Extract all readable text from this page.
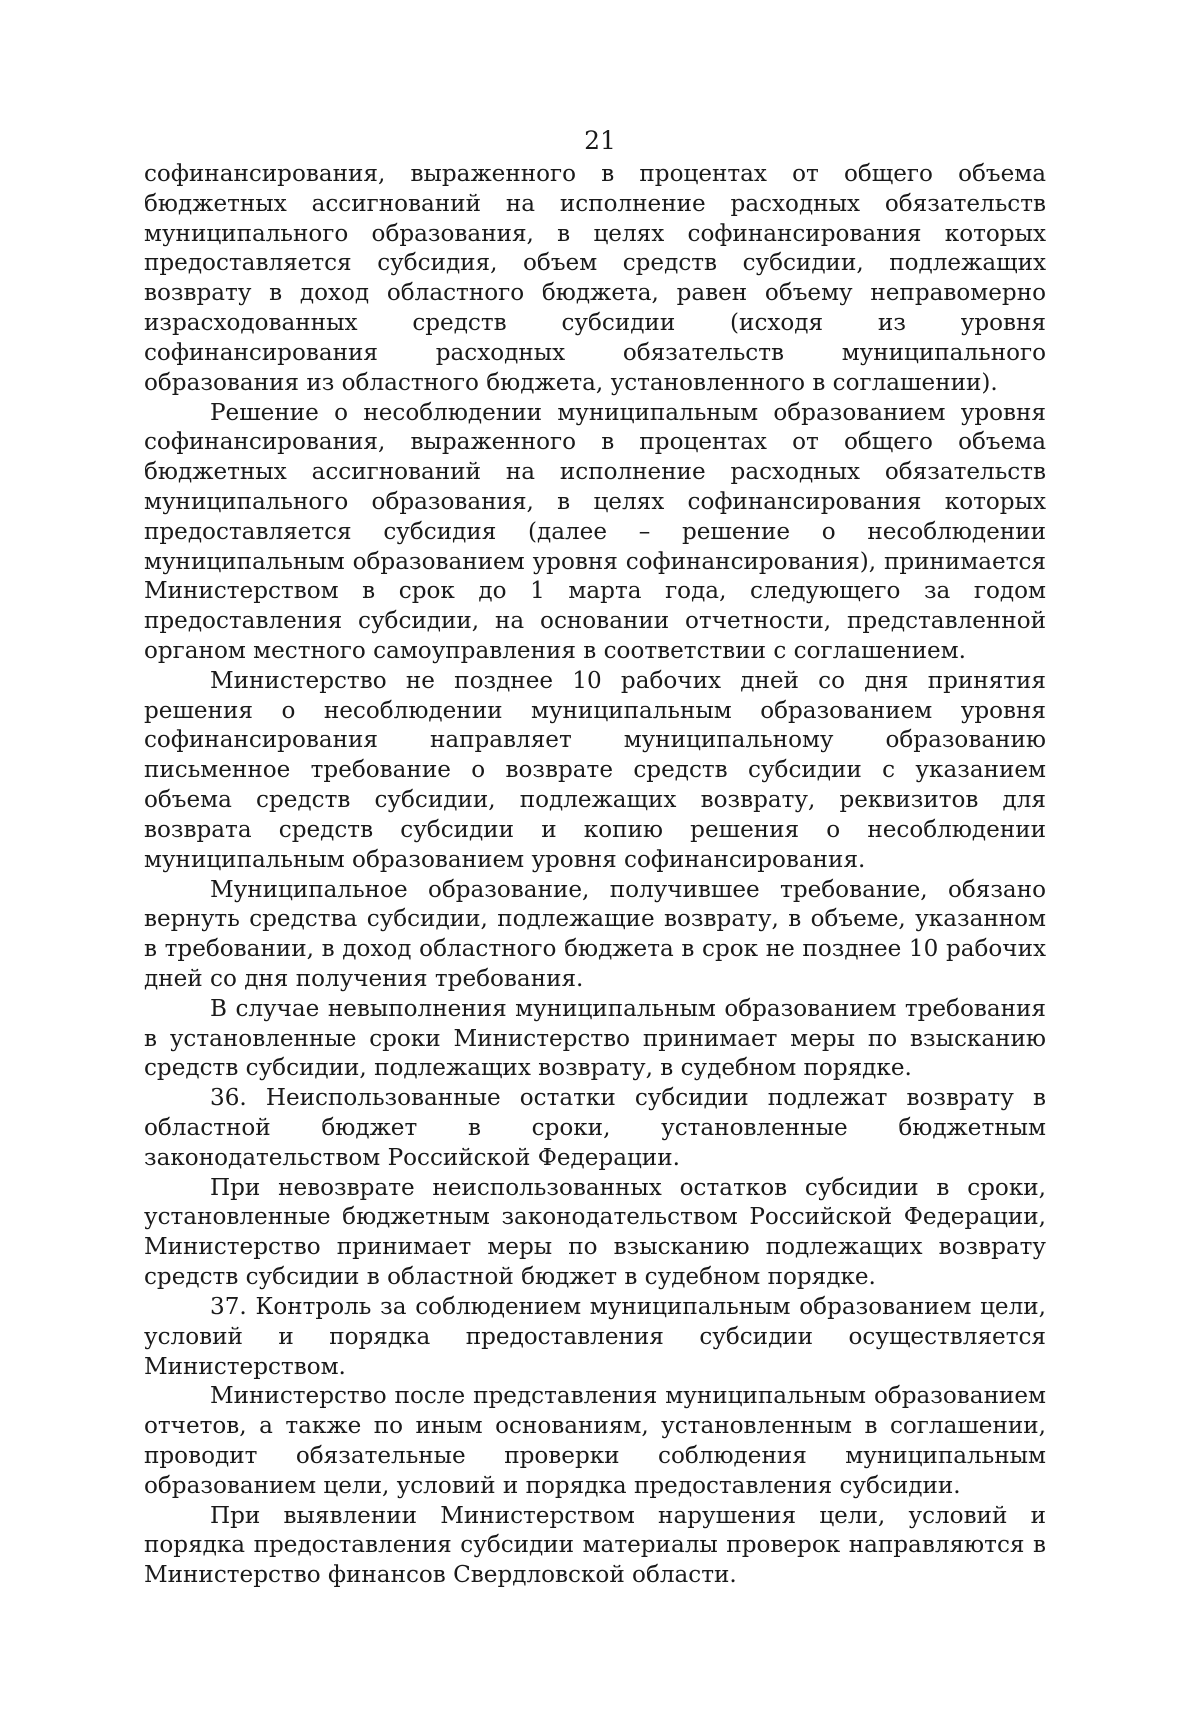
21

софинансирования, выраженного в процентах от общего объема бюджетных ассигнований на исполнение расходных обязательств муниципального образования, в целях софинансирования которых предоставляется субсидия, объем средств субсидии, подлежащих возврату в доход областного бюджета, равен объему неправомерно израсходованных средств субсидии (исходя из уровня софинансирования расходных обязательств муниципального образования из областного бюджета, установленного в соглашении).

Решение о несоблюдении муниципальным образованием уровня софинансирования, выраженного в процентах от общего объема бюджетных ассигнований на исполнение расходных обязательств муниципального образования, в целях софинансирования которых предоставляется субсидия (далее – решение о несоблюдении муниципальным образованием уровня софинансирования), принимается Министерством в срок до 1 марта года, следующего за годом предоставления субсидии, на основании отчетности, представленной органом местного самоуправления в соответствии с соглашением.

Министерство не позднее 10 рабочих дней со дня принятия решения о несоблюдении муниципальным образованием уровня софинансирования направляет муниципальному образованию письменное требование о возврате средств субсидии с указанием объема средств субсидии, подлежащих возврату, реквизитов для возврата средств субсидии и копию решения о несоблюдении муниципальным образованием уровня софинансирования.

Муниципальное образование, получившее требование, обязано вернуть средства субсидии, подлежащие возврату, в объеме, указанном в требовании, в доход областного бюджета в срок не позднее 10 рабочих дней со дня получения требования.

В случае невыполнения муниципальным образованием требования в установленные сроки Министерство принимает меры по взысканию средств субсидии, подлежащих возврату, в судебном порядке.

36. Неиспользованные остатки субсидии подлежат возврату в областной бюджет в сроки, установленные бюджетным законодательством Российской Федерации.

При невозврате неиспользованных остатков субсидии в сроки, установленные бюджетным законодательством Российской Федерации, Министерство принимает меры по взысканию подлежащих возврату средств субсидии в областной бюджет в судебном порядке.

37. Контроль за соблюдением муниципальным образованием цели, условий и порядка предоставления субсидии осуществляется Министерством.

Министерство после представления муниципальным образованием отчетов, а также по иным основаниям, установленным в соглашении, проводит обязательные проверки соблюдения муниципальным образованием цели, условий и порядка предоставления субсидии.

При выявлении Министерством нарушения цели, условий и порядка предоставления субсидии материалы проверок направляются в Министерство финансов Свердловской области.
